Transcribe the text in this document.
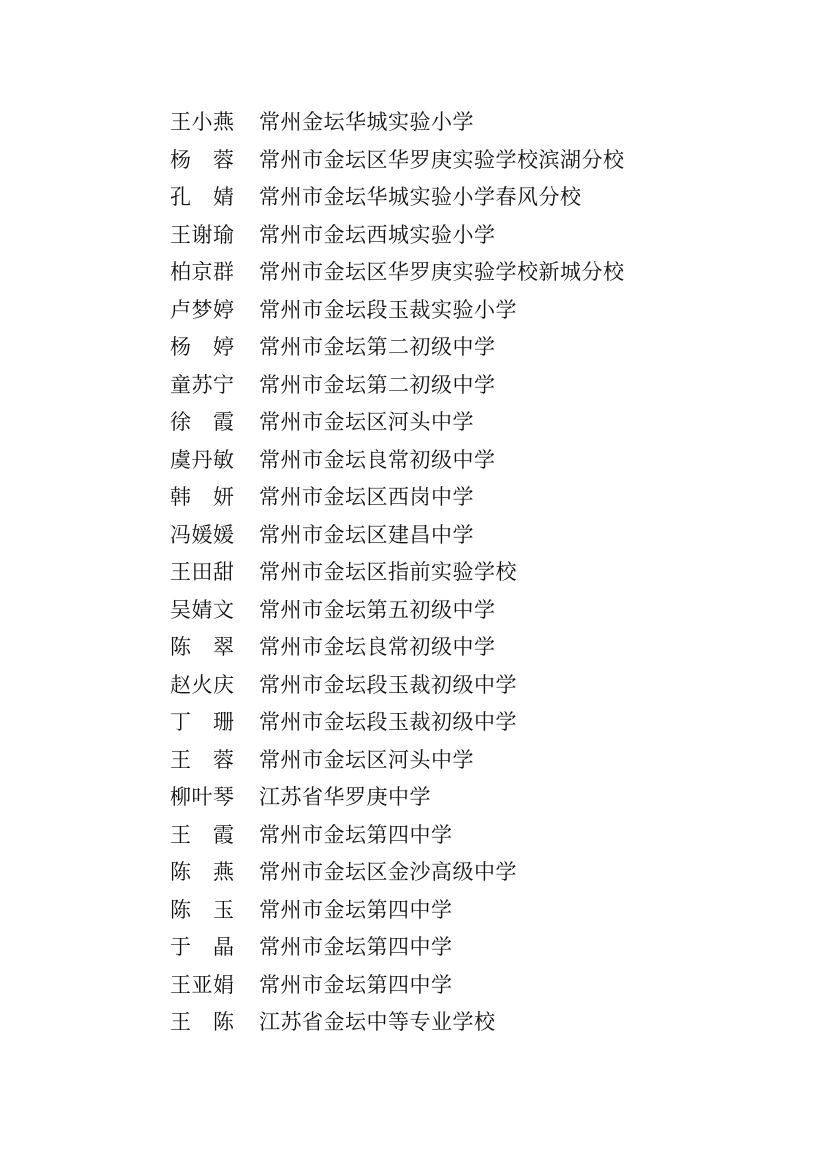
王小燕 常州金坛华城实验小学
杨　蓉 常州市金坛区华罗庚实验学校滨湖分校
孔　婧 常州市金坛华城实验小学春风分校
王谢瑜 常州市金坛西城实验小学
柏京群 常州市金坛区华罗庚实验学校新城分校
卢梦婷 常州市金坛段玉裁实验小学
杨　婷 常州市金坛第二初级中学
童苏宁 常州市金坛第二初级中学
徐　霞 常州市金坛区河头中学
虞丹敏 常州市金坛良常初级中学
韩　妍 常州市金坛区西岗中学
冯媛媛 常州市金坛区建昌中学
王田甜 常州市金坛区指前实验学校
吴婧文 常州市金坛第五初级中学
陈　翠 常州市金坛良常初级中学
赵火庆 常州市金坛段玉裁初级中学
丁　珊 常州市金坛段玉裁初级中学
王　蓉 常州市金坛区河头中学
柳叶琴 江苏省华罗庚中学
王　霞 常州市金坛第四中学
陈　燕 常州市金坛区金沙高级中学
陈　玉 常州市金坛第四中学
于　晶 常州市金坛第四中学
王亚娟 常州市金坛第四中学
王　陈 江苏省金坛中等专业学校
